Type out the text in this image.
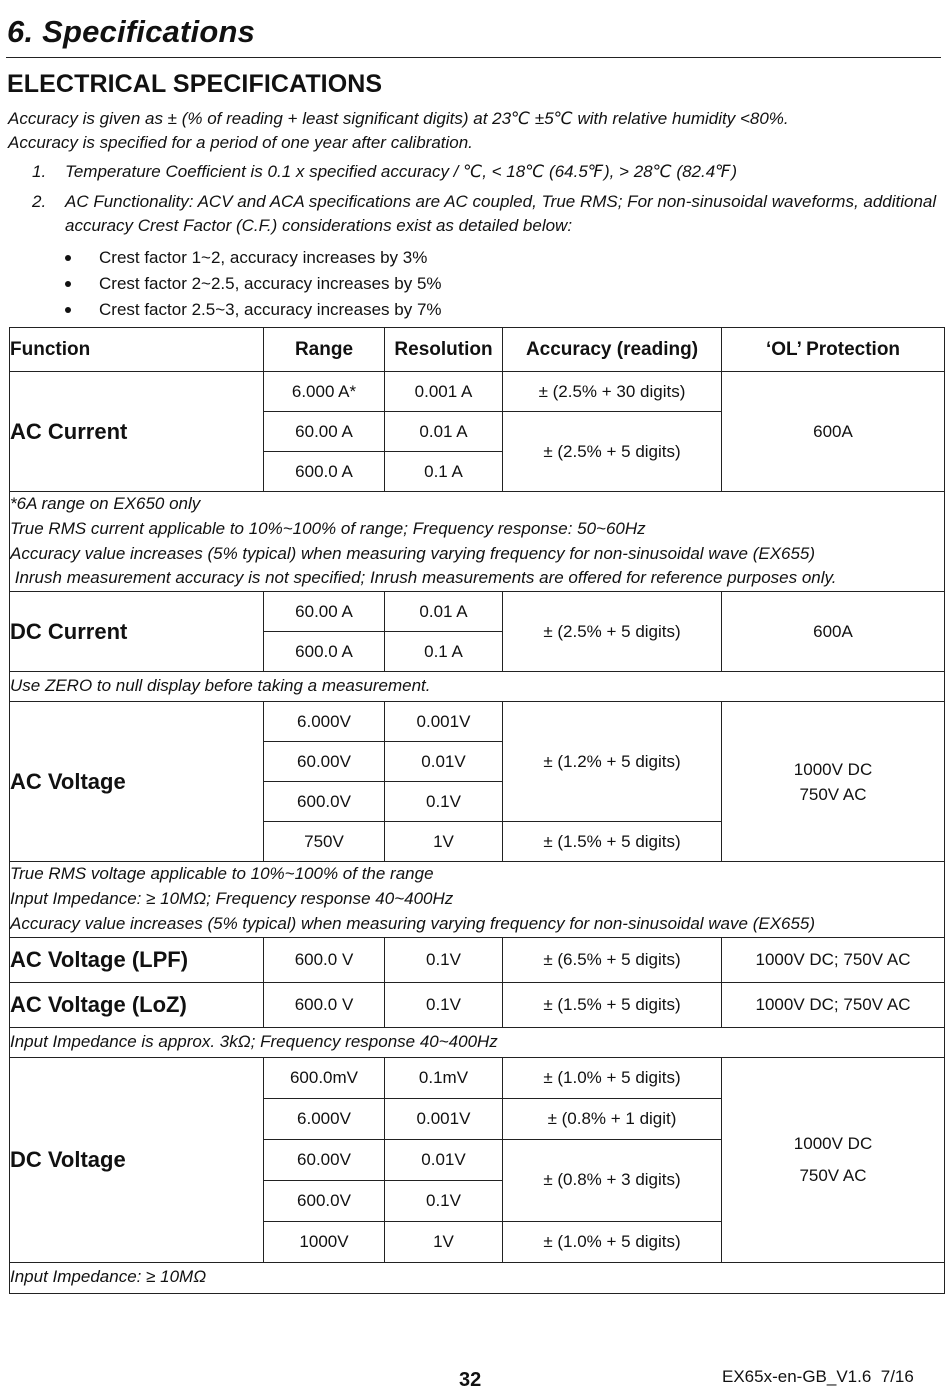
6. Specifications
ELECTRICAL SPECIFICATIONS
Accuracy is given as ± (% of reading + least significant digits) at 23℃ ±5℃ with relative humidity <80%.
Accuracy is specified for a period of one year after calibration.
1. Temperature Coefficient is 0.1 x specified accuracy / ℃, < 18℃ (64.5℉), > 28℃ (82.4℉)
2. AC Functionality: ACV and ACA specifications are AC coupled, True RMS; For non-sinusoidal waveforms, additional accuracy Crest Factor (C.F.) considerations exist as detailed below:
Crest factor 1~2, accuracy increases by 3%
Crest factor 2~2.5, accuracy increases by 5%
Crest factor 2.5~3, accuracy increases by 7%
Function	Range	Resolution	Accuracy (reading)	‘OL’ Protection
AC Current	6.000 A*	0.001 A	± (2.5% + 30 digits)	600A
	60.00 A	0.01 A	± (2.5% + 5 digits)	
	600.0 A	0.1 A		

*6A range on EX650 only
True RMS current applicable to 10%~100% of range; Frequency response: 50~60Hz
Accuracy value increases (5% typical) when measuring varying frequency for non-sinusoidal wave (EX655)
Inrush measurement accuracy is not specified; Inrush measurements are offered for reference purposes only.				

DC Current	60.00 A	0.01 A	± (2.5% + 5 digits)	600A
	600.0 A	0.1 A		
Use ZERO to null display before taking a measurement.				
AC Voltage	6.000V	0.001V	± (1.2% + 5 digits)	1000V DC
750V AC

	60.00V	0.01V		
	600.0V	0.1V		
	750V	1V	± (1.5% + 5 digits)	

True RMS voltage applicable to 10%~100% of the range
Input Impedance: ≥ 10MΩ; Frequency response 40~400Hz
Accuracy value increases (5% typical) when measuring varying frequency for non-sinusoidal wave (EX655)				

AC Voltage (LPF)	600.0 V	0.1V	± (6.5% + 5 digits)	1000V DC; 750V AC
AC Voltage (LoZ)	600.0 V	0.1V	± (1.5% + 5 digits)	1000V DC; 750V AC
Input Impedance is approx. 3kΩ; Frequency response 40~400Hz				
DC Voltage	600.0mV	0.1mV	± (1.0% + 5 digits)	1000V DC
750V AC

	6.000V	0.001V	± (0.8% + 1 digit)	
	60.00V	0.01V	± (0.8% + 3 digits)	
	600.0V	0.1V		
	1000V	1V	± (1.0% + 5 digits)	
Input Impedance: ≥ 10MΩ				
32	EX65x-en-GB_V1.6  7/16
